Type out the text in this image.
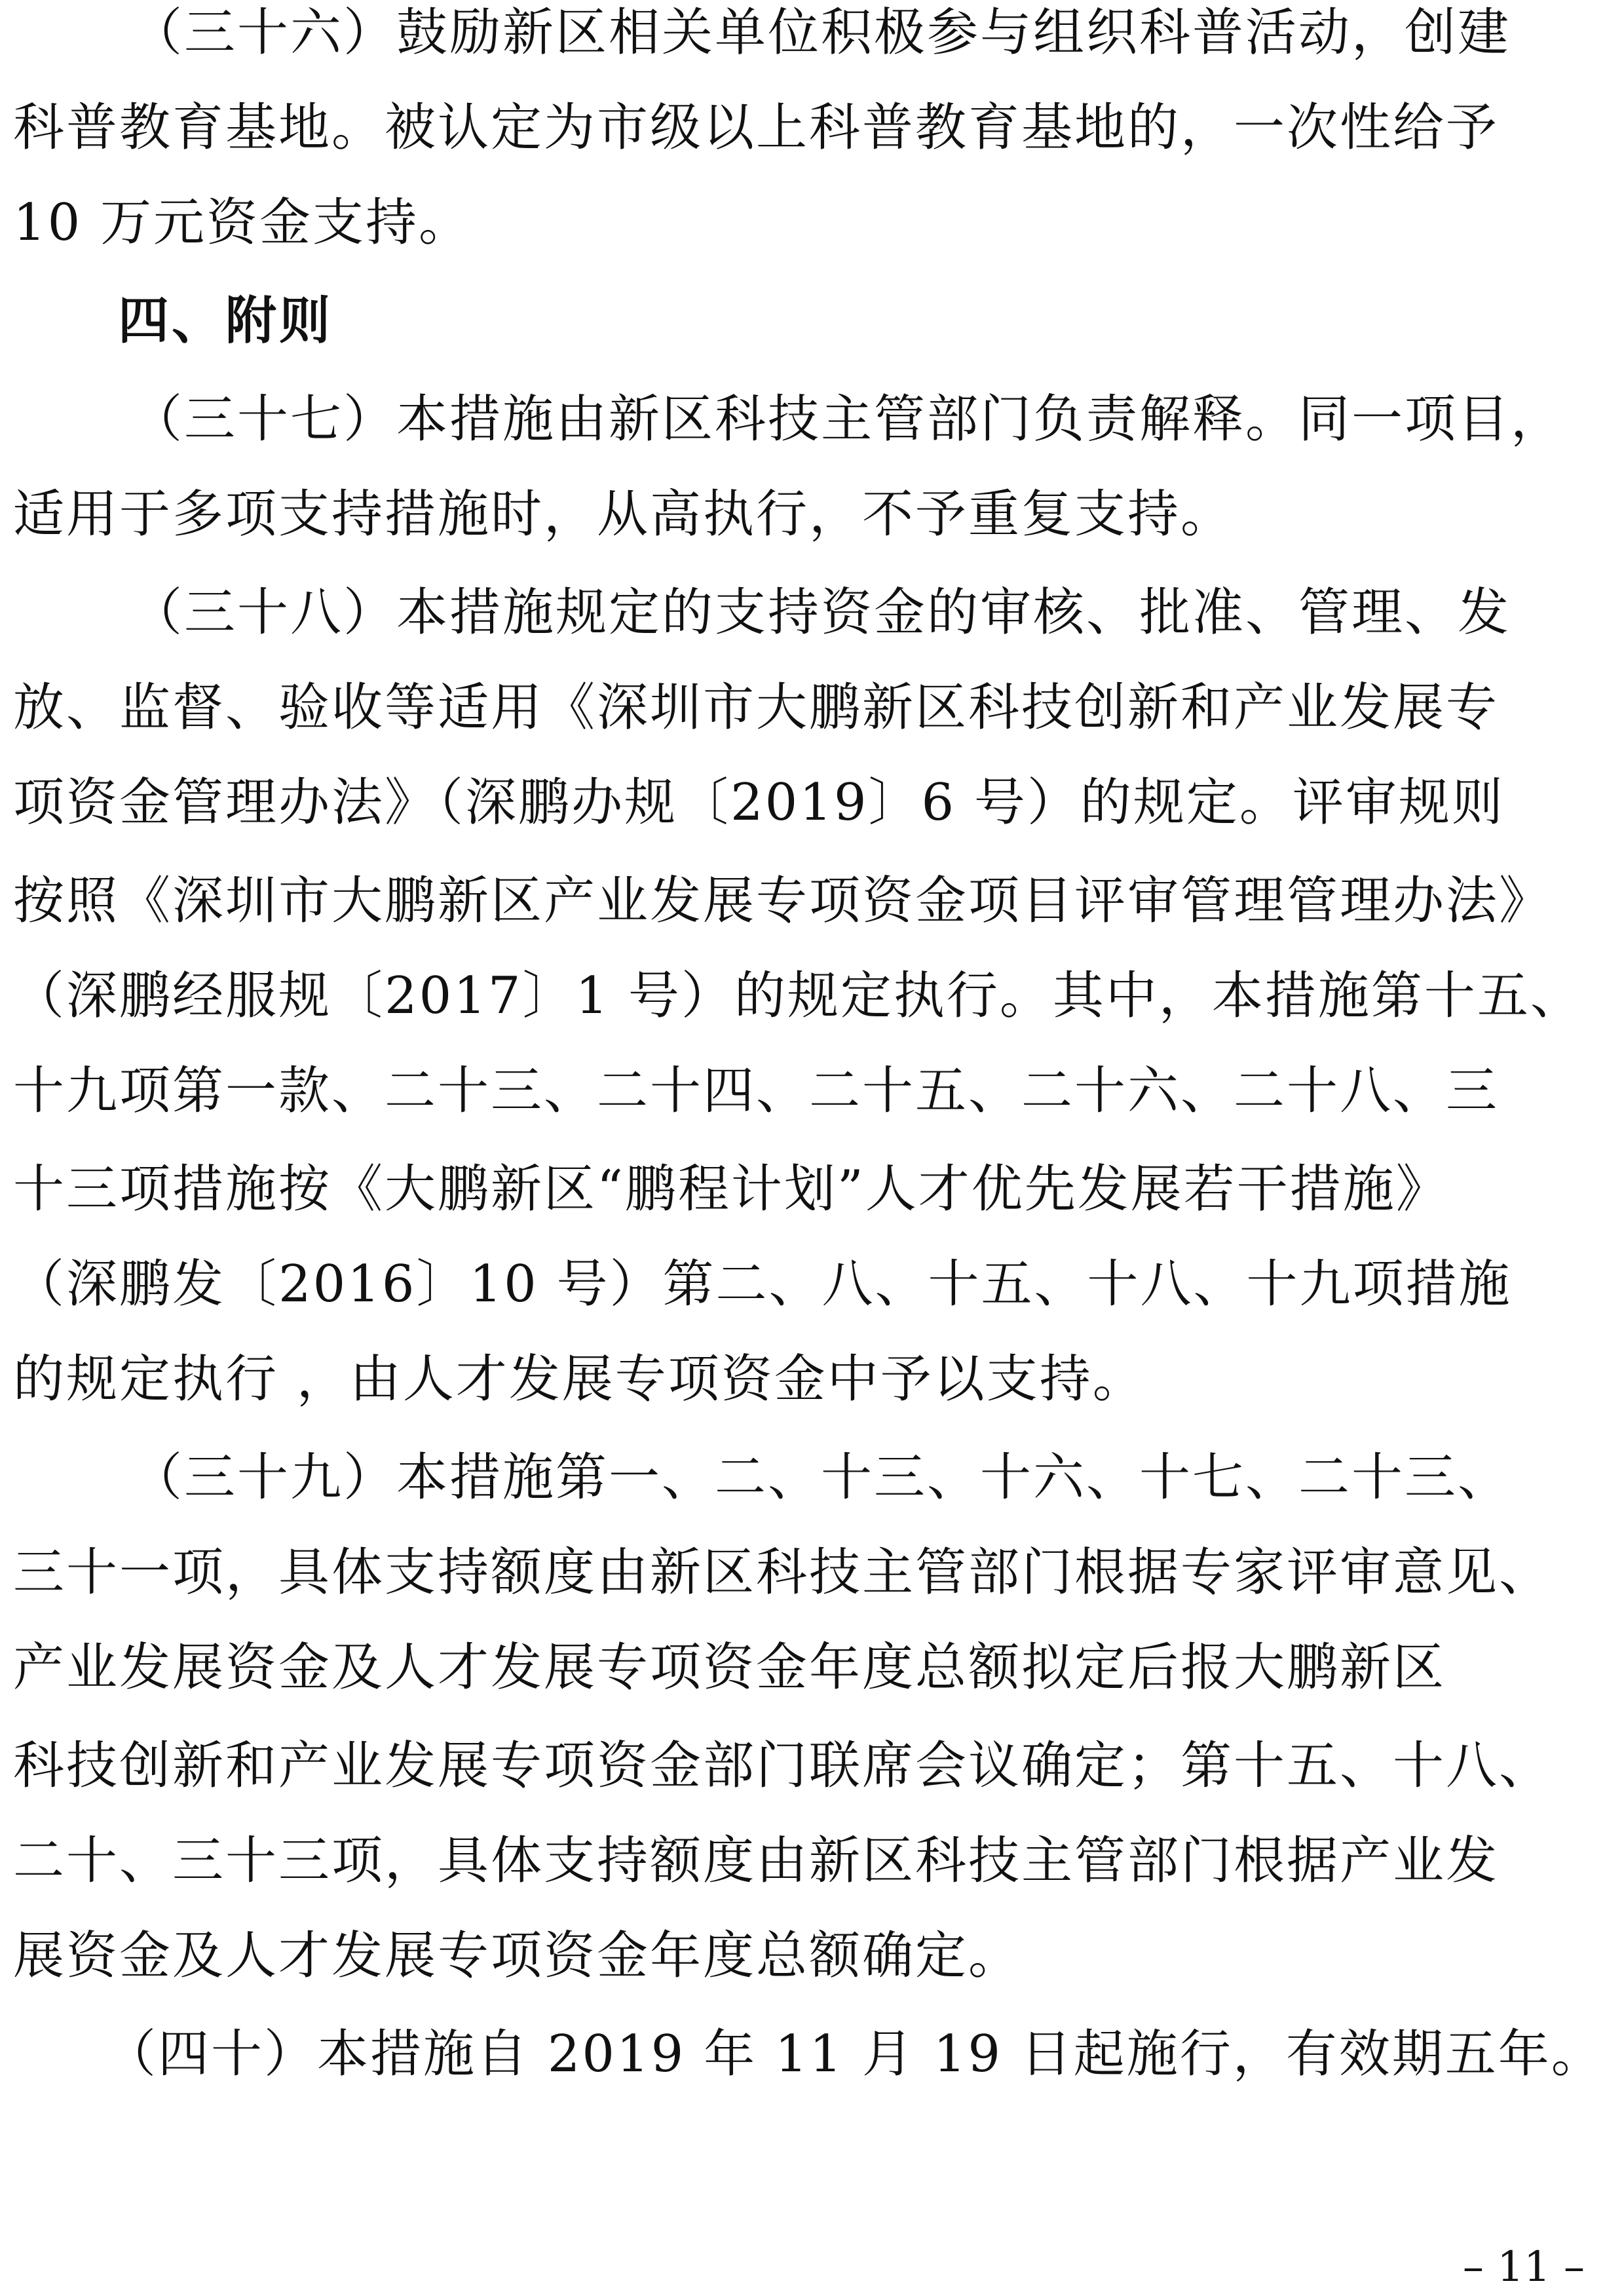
（三十六）鼓励新区相关单位积极参与组织科普活动，创建
科普教育基地。被认定为市级以上科普教育基地的，一次性给予
10 万元资金支持。
四、附则
（三十七）本措施由新区科技主管部门负责解释。同一项目，
适用于多项支持措施时，从高执行，不予重复支持。
（三十八）本措施规定的支持资金的审核、批准、管理、发
放、监督、验收等适用《深圳市大鹏新区科技创新和产业发展专
项资金管理办法》（深鹏办规〔2019〕6 号）的规定。评审规则
按照《深圳市大鹏新区产业发展专项资金项目评审管理管理办法》
（深鹏经服规〔2017〕1 号）的规定执行。其中，本措施第十五、
十九项第一款、二十三、二十四、二十五、二十六、二十八、三
十三项措施按《大鹏新区“鹏程计划”人才优先发展若干措施》
（深鹏发〔2016〕10 号）第二、八、十五、十八、十九项措施
的规定执行 ，由人才发展专项资金中予以支持。
（三十九）本措施第一、二、十三、十六、十七、二十三、
三十一项，具体支持额度由新区科技主管部门根据专家评审意见、
产业发展资金及人才发展专项资金年度总额拟定后报大鹏新区
科技创新和产业发展专项资金部门联席会议确定；第十五、十八、
二十、三十三项，具体支持额度由新区科技主管部门根据产业发
展资金及人才发展专项资金年度总额确定。
（四十）本措施自 2019 年 11 月 19 日起施行，有效期五年。
– 11 –
